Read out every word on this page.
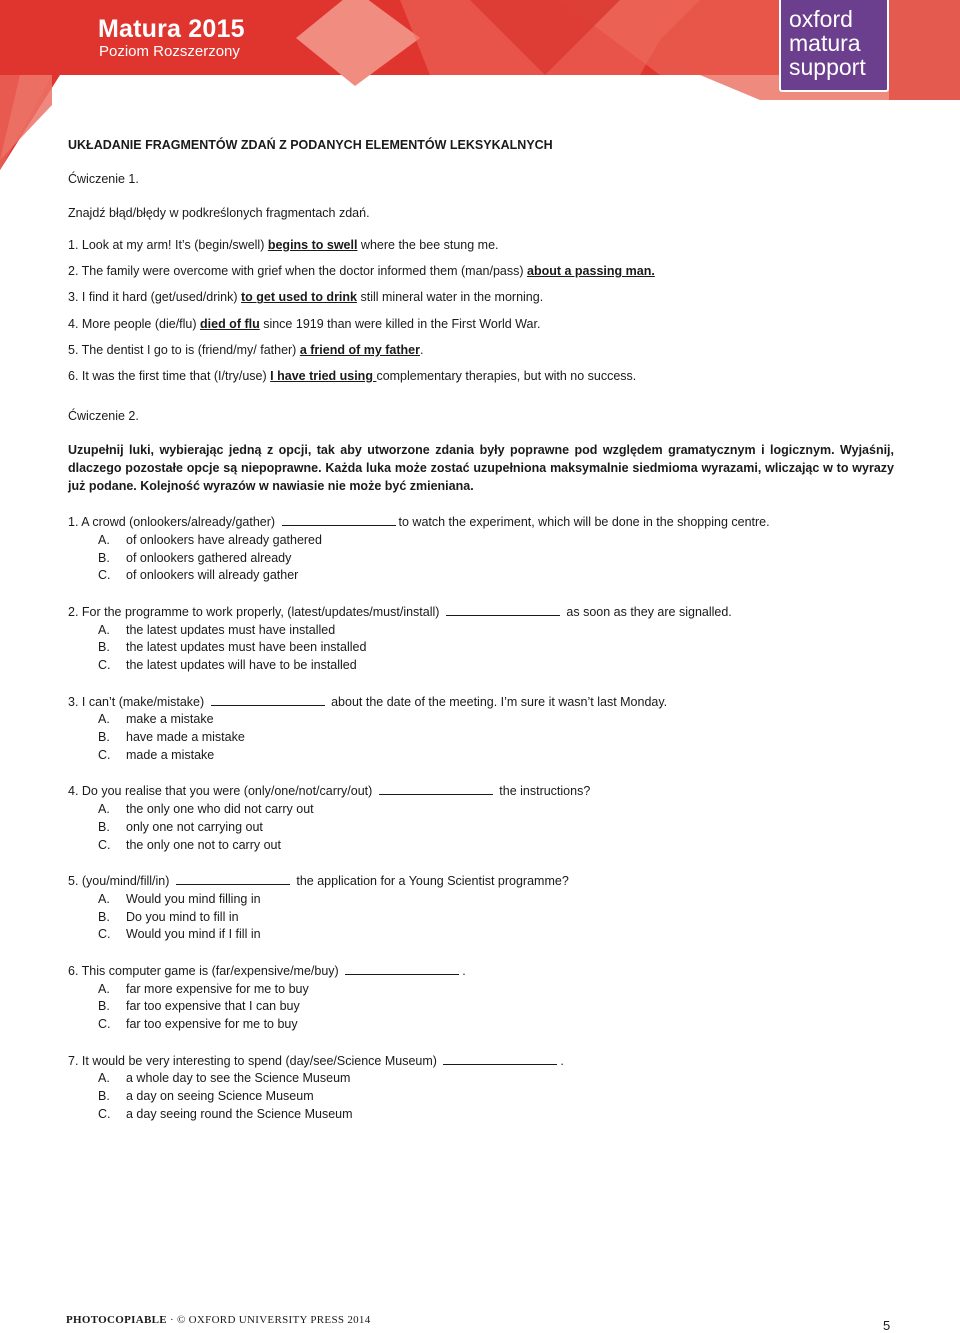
Matura 2015
Poziom Rozszerzony
oxford
matura
support

UKŁADANIE FRAGMENTÓW ZDAŃ Z PODANYCH ELEMENTÓW LEKSYKALNYCH

Ćwiczenie 1.

Znajdź błąd/błędy w podkreślonych fragmentach zdań.

1. Look at my arm! It’s (begin/swell) begins to swell where the bee stung me.
2. The family were overcome with grief when the doctor informed them (man/pass) about a passing man.
3. I find it hard (get/used/drink) to get used to drink still mineral water in the morning.
4. More people (die/flu) died of flu since 1919 than were killed in the First World War.
5. The dentist I go to is (friend/my/ father) a friend of my father.
6. It was the first time that (I/try/use) I have tried using complementary therapies, but with no success.

Ćwiczenie 2.

Uzupełnij luki, wybierając jedną z opcji, tak aby utworzone zdania były poprawne pod względem gramatycznym i logicznym. Wyjaśnij, dlaczego pozostałe opcje są niepoprawne. Każda luka może zostać uzupełniona maksymalnie siedmioma wyrazami, wliczając w to wyrazy już podane. Kolejność wyrazów w nawiasie nie może być zmieniana.

1. A crowd (onlookers/already/gather)	to watch the experiment, which will be done in the shopping centre.

A.	of onlookers have already gathered

B.	of onlookers gathered already

C.	of onlookers will already gather

2. For the programme to work properly, (latest/updates/must/install)	as soon as they are signalled.

A.	the latest updates must have installed

B.	the latest updates must have been installed

C.	the latest updates will have to be installed

3. I can’t (make/mistake)	about the date of the meeting. I’m sure it wasn’t last Monday.

A.	make a mistake

B.	have made a mistake

C.	made a mistake

4. Do you realise that you were (only/one/not/carry/out)	the instructions?

A.	the only one who did not carry out

B.	only one not carrying out

C.	the only one not to carry out

5. (you/mind/fill/in)	the application for a Young Scientist programme?

A.	Would you mind filling in

B.	Do you mind to fill in

C.	Would you mind if I fill in

6. This computer game is (far/expensive/me/buy)	.

A.	far more expensive for me to buy

B.	far too expensive that I can buy

C.	far too expensive for me to buy

7. It would be very interesting to spend (day/see/Science Museum)	.

A.	a whole day to see the Science Museum

B.	a day on seeing Science Museum

C.	a day seeing round the Science Museum

PHOTOCOPIABLE · © OXFORD UNIVERSITY PRESS 2014	5
